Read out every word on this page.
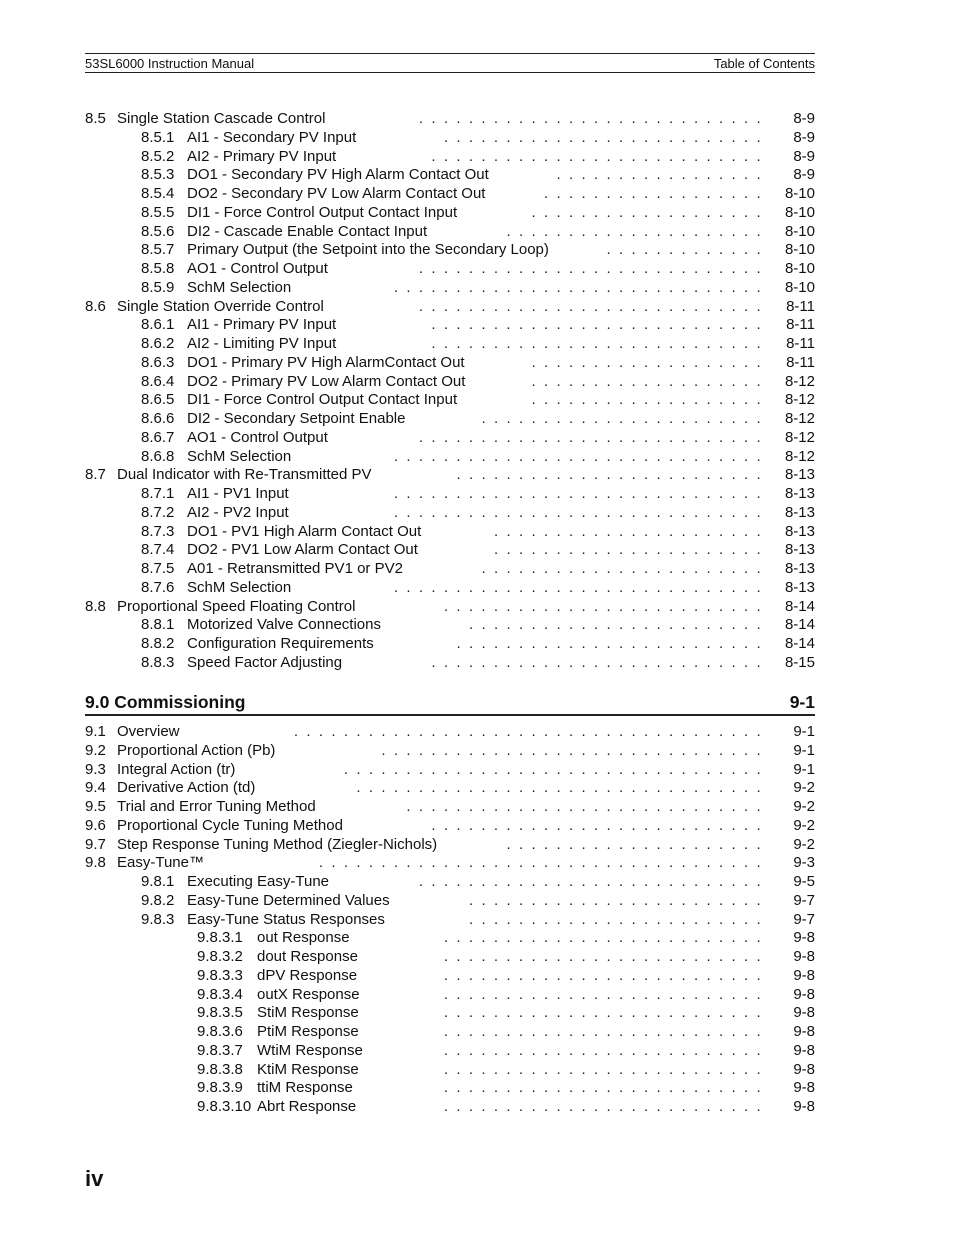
53SL6000 Instruction Manual	Table of Contents
.  .  .  .  .  .  .  .  .  .  .  .  .  .  .  .  .  .  .  .  .  .  .  .  .  .  .  .
8.5 Single Station Cascade Control	8-9
.  .  .  .  .  .  .  .  .  .  .  .  .  .  .  .  .  .  .  .  .  .  .  .  .  .
8.5.1 AI1 - Secondary PV Input	8-9
.  .  .  .  .  .  .  .  .  .  .  .  .  .  .  .  .  .  .  .  .  .  .  .  .  .  .
8.5.2 AI2 - Primary PV Input	8-9
.  .  .  .  .  .  .  .  .  .  .  .  .  .  .  .  .
8.5.3 DO1 - Secondary PV High Alarm Contact Out	8-9
.  .  .  .  .  .  .  .  .  .  .  .  .  .  .  .  .  .
8.5.4 DO2 - Secondary PV Low Alarm Contact Out	8-10
.  .  .  .  .  .  .  .  .  .  .  .  .  .  .  .  .  .  .
8.5.5 DI1 - Force Control Output Contact Input	8-10
.  .  .  .  .  .  .  .  .  .  .  .  .  .  .  .  .  .  .  .  .
8.5.6 DI2 - Cascade Enable Contact Input	8-10
.  .  .  .  .  .  .  .  .  .  .  .  .
8.5.7 Primary Output (the Setpoint into the Secondary Loop)	8-10
.  .  .  .  .  .  .  .  .  .  .  .  .  .  .  .  .  .  .  .  .  .  .  .  .  .  .  .
8.5.8 AO1 - Control Output	8-10
.  .  .  .  .  .  .  .  .  .  .  .  .  .  .  .  .  .  .  .  .  .  .  .  .  .  .  .  .  .
8.5.9 SchM Selection	8-10
.  .  .  .  .  .  .  .  .  .  .  .  .  .  .  .  .  .  .  .  .  .  .  .  .  .  .  .
8.6 Single Station Override Control	8-11
.  .  .  .  .  .  .  .  .  .  .  .  .  .  .  .  .  .  .  .  .  .  .  .  .  .  .
8.6.1 AI1 - Primary PV Input	8-11
.  .  .  .  .  .  .  .  .  .  .  .  .  .  .  .  .  .  .  .  .  .  .  .  .  .  .
8.6.2 AI2 - Limiting PV Input	8-11
.  .  .  .  .  .  .  .  .  .  .  .  .  .  .  .  .  .  .
8.6.3 DO1 - Primary PV High AlarmContact Out	8-11
.  .  .  .  .  .  .  .  .  .  .  .  .  .  .  .  .  .  .
8.6.4 DO2 - Primary PV Low Alarm Contact Out	8-12
.  .  .  .  .  .  .  .  .  .  .  .  .  .  .  .  .  .  .
8.6.5 DI1 - Force Control Output Contact Input	8-12
.  .  .  .  .  .  .  .  .  .  .  .  .  .  .  .  .  .  .  .  .  .  .
8.6.6 DI2 - Secondary Setpoint Enable	8-12
.  .  .  .  .  .  .  .  .  .  .  .  .  .  .  .  .  .  .  .  .  .  .  .  .  .  .  .
8.6.7 AO1 - Control Output	8-12
.  .  .  .  .  .  .  .  .  .  .  .  .  .  .  .  .  .  .  .  .  .  .  .  .  .  .  .  .  .
8.6.8 SchM Selection	8-12
.  .  .  .  .  .  .  .  .  .  .  .  .  .  .  .  .  .  .  .  .  .  .  .  .
8.7 Dual Indicator with Re-Transmitted PV	8-13
.  .  .  .  .  .  .  .  .  .  .  .  .  .  .  .  .  .  .  .  .  .  .  .  .  .  .  .  .  .
8.7.1 AI1 - PV1 Input	8-13
.  .  .  .  .  .  .  .  .  .  .  .  .  .  .  .  .  .  .  .  .  .  .  .  .  .  .  .  .  .
8.7.2 AI2 - PV2 Input	8-13
.  .  .  .  .  .  .  .  .  .  .  .  .  .  .  .  .  .  .  .  .  .
8.7.3 DO1 - PV1 High Alarm Contact Out	8-13
.  .  .  .  .  .  .  .  .  .  .  .  .  .  .  .  .  .  .  .  .  .
8.7.4 DO2 - PV1 Low Alarm Contact Out	8-13
.  .  .  .  .  .  .  .  .  .  .  .  .  .  .  .  .  .  .  .  .  .  .
8.7.5 A01 - Retransmitted PV1 or PV2	8-13
.  .  .  .  .  .  .  .  .  .  .  .  .  .  .  .  .  .  .  .  .  .  .  .  .  .  .  .  .  .
8.7.6 SchM Selection	8-13
.  .  .  .  .  .  .  .  .  .  .  .  .  .  .  .  .  .  .  .  .  .  .  .  .  .
8.8 Proportional Speed Floating Control	8-14
.  .  .  .  .  .  .  .  .  .  .  .  .  .  .  .  .  .  .  .  .  .  .  .
8.8.1 Motorized Valve Connections	8-14
.  .  .  .  .  .  .  .  .  .  .  .  .  .  .  .  .  .  .  .  .  .  .  .  .
8.8.2 Configuration Requirements	8-14
.  .  .  .  .  .  .  .  .  .  .  .  .  .  .  .  .  .  .  .  .  .  .  .  .  .  .
8.8.3 Speed Factor Adjusting	8-15
9.0 Commissioning	9-1
.  .  .  .  .  .  .  .  .  .  .  .  .  .  .  .  .  .  .  .  .  .  .  .  .  .  .  .  .  .  .  .  .  .  .  .  .  .
9.1 Overview	9-1
.  .  .  .  .  .  .  .  .  .  .  .  .  .  .  .  .  .  .  .  .  .  .  .  .  .  .  .  .  .  .
9.2 Proportional Action (Pb)	9-1
.  .  .  .  .  .  .  .  .  .  .  .  .  .  .  .  .  .  .  .  .  .  .  .  .  .  .  .  .  .  .  .  .  .
9.3 Integral Action (tr)	9-1
.  .  .  .  .  .  .  .  .  .  .  .  .  .  .  .  .  .  .  .  .  .  .  .  .  .  .  .  .  .  .  .  .
9.4 Derivative Action (td)	9-2
.  .  .  .  .  .  .  .  .  .  .  .  .  .  .  .  .  .  .  .  .  .  .  .  .  .  .  .  .
9.5 Trial and Error Tuning Method	9-2
.  .  .  .  .  .  .  .  .  .  .  .  .  .  .  .  .  .  .  .  .  .  .  .  .  .  .
9.6 Proportional Cycle Tuning Method	9-2
.  .  .  .  .  .  .  .  .  .  .  .  .  .  .  .  .  .  .  .  .
9.7 Step Response Tuning Method (Ziegler-Nichols)	9-2
.  .  .  .  .  .  .  .  .  .  .  .  .  .  .  .  .  .  .  .  .  .  .  .  .  .  .  .  .  .  .  .  .  .  .  .
9.8 Easy-Tune™	9-3
.  .  .  .  .  .  .  .  .  .  .  .  .  .  .  .  .  .  .  .  .  .  .  .  .  .  .  .
9.8.1 Executing Easy-Tune	9-5
.  .  .  .  .  .  .  .  .  .  .  .  .  .  .  .  .  .  .  .  .  .  .  .
9.8.2 Easy-Tune Determined Values	9-7
.  .  .  .  .  .  .  .  .  .  .  .  .  .  .  .  .  .  .  .  .  .  .  .
9.8.3 Easy-Tune Status Responses	9-7
.  .  .  .  .  .  .  .  .  .  .  .  .  .  .  .  .  .  .  .  .  .  .  .  .  .
9.8.3.1 out Response	9-8
.  .  .  .  .  .  .  .  .  .  .  .  .  .  .  .  .  .  .  .  .  .  .  .  .  .
9.8.3.2 dout Response	9-8
.  .  .  .  .  .  .  .  .  .  .  .  .  .  .  .  .  .  .  .  .  .  .  .  .  .
9.8.3.3 dPV Response	9-8
.  .  .  .  .  .  .  .  .  .  .  .  .  .  .  .  .  .  .  .  .  .  .  .  .  .
9.8.3.4 outX Response	9-8
.  .  .  .  .  .  .  .  .  .  .  .  .  .  .  .  .  .  .  .  .  .  .  .  .  .
9.8.3.5 StiM Response	9-8
.  .  .  .  .  .  .  .  .  .  .  .  .  .  .  .  .  .  .  .  .  .  .  .  .  .
9.8.3.6 PtiM Response	9-8
.  .  .  .  .  .  .  .  .  .  .  .  .  .  .  .  .  .  .  .  .  .  .  .  .  .
9.8.3.7 WtiM Response	9-8
.  .  .  .  .  .  .  .  .  .  .  .  .  .  .  .  .  .  .  .  .  .  .  .  .  .
9.8.3.8 KtiM Response	9-8
.  .  .  .  .  .  .  .  .  .  .  .  .  .  .  .  .  .  .  .  .  .  .  .  .  .
9.8.3.9 ttiM Response	9-8
.  .  .  .  .  .  .  .  .  .  .  .  .  .  .  .  .  .  .  .  .  .  .  .  .  .
9.8.3.10 Abrt Response	9-8
iv
